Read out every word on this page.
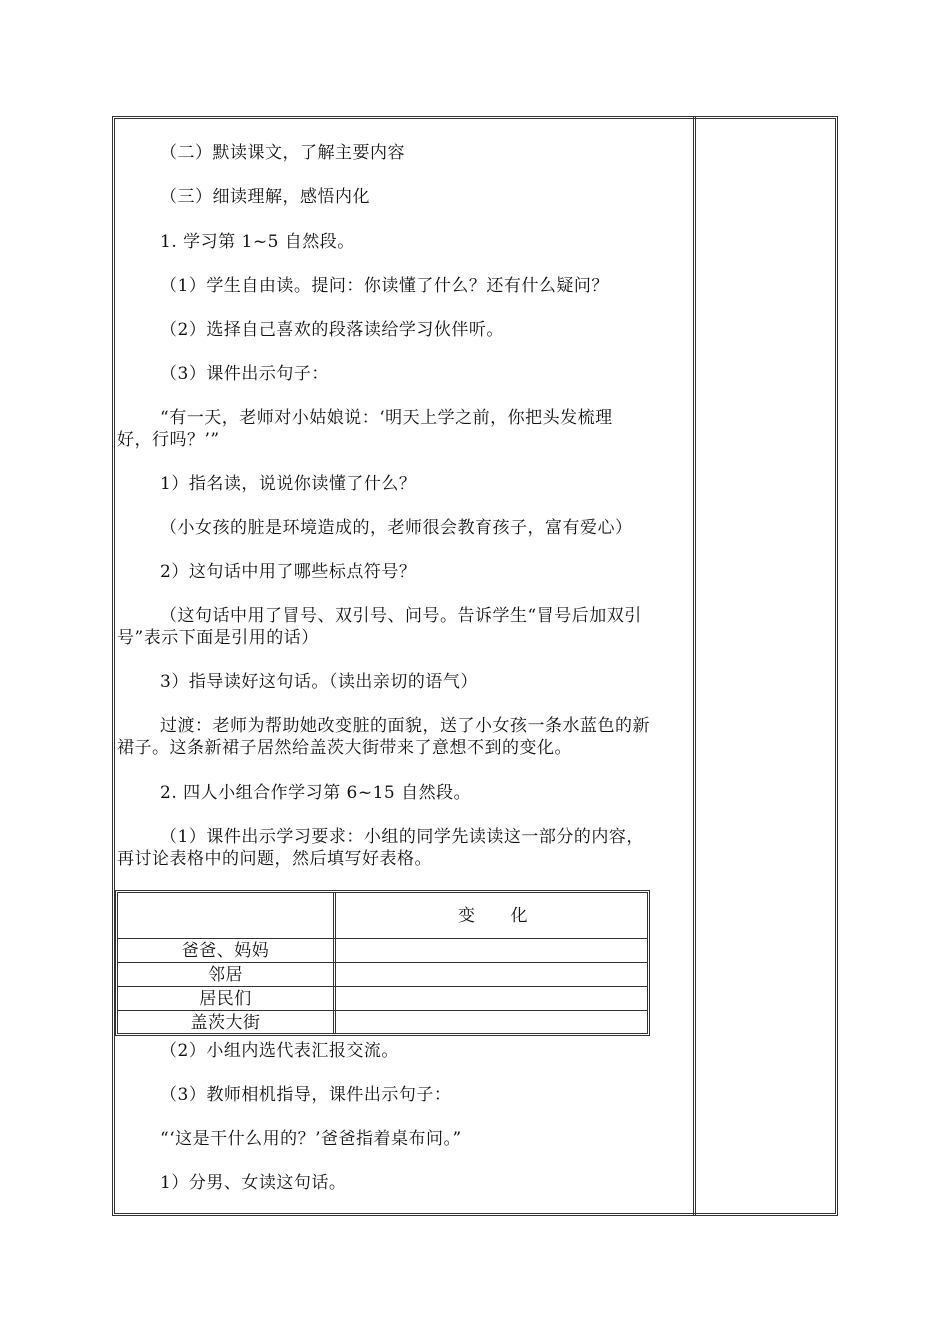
（二）默读课文，了解主要内容
（三）细读理解，感悟内化
1. 学习第 1~5 自然段。
（1）学生自由读。提问：你读懂了什么？还有什么疑问？
（2）选择自己喜欢的段落读给学习伙伴听。
（3）课件出示句子：
“有一天，老师对小姑娘说：‘明天上学之前，你把头发梳理
好，行吗？’”
1）指名读，说说你读懂了什么？
（小女孩的脏是环境造成的，老师很会教育孩子，富有爱心）
2）这句话中用了哪些标点符号？
（这句话中用了冒号、双引号、问号。告诉学生“冒号后加双引
号”表示下面是引用的话）
3）指导读好这句话。（读出亲切的语气）
过渡：老师为帮助她改变脏的面貌，送了小女孩一条水蓝色的新
裙子。这条新裙子居然给盖茨大街带来了意想不到的变化。
2. 四人小组合作学习第 6~15 自然段。
（1）课件出示学习要求：小组的同学先读读这一部分的内容，
再讨论表格中的问题，然后填写好表格。
变　　化
爸爸、妈妈
邻居
居民们
盖茨大街
（2）小组内选代表汇报交流。
（3）教师相机指导，课件出示句子：
“‘这是干什么用的？’爸爸指着桌布问。”
1）分男、女读这句话。
